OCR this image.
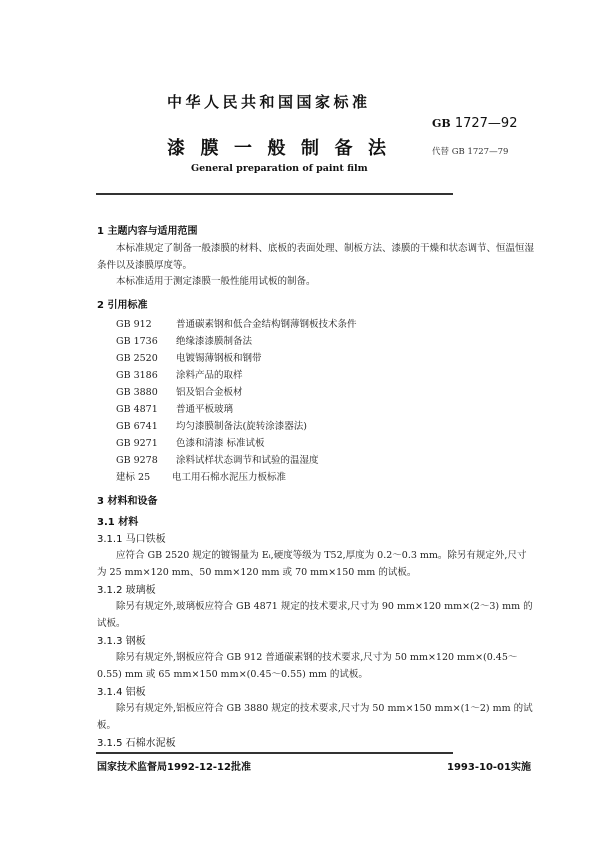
中华人民共和国国家标准
GB 1727—92
漆膜一般制备法	代替 GB 1727—79
General preparation of paint film
1 主题内容与适用范围
本标准规定了制备一般漆膜的材料、底板的表面处理、制板方法、漆膜的干燥和状态调节、恒温恒湿
条件以及漆膜厚度等。
本标准适用于测定漆膜一般性能用试板的制备。
2 引用标准
GB 912	普通碳素钢和低合金结构钢薄钢板技术条件
GB 1736 绝缘漆漆膜制备法
GB 2520 电镀锡薄钢板和钢带
GB 3186 涂料产品的取样
GB 3880 铝及铝合金板材
GB 4871 普通平板玻璃
GB 6741 均匀漆膜制备法(旋转涂漆器法)
GB 9271 色漆和清漆 标准试板
GB 9278 涂料试样状态调节和试验的温湿度
建标 25 电工用石棉水泥压力板标准
3 材料和设备
3.1 材料
3.1.1 马口铁板
应符合 GB 2520 规定的镀锡量为 Eᵢ,硬度等级为 T52,厚度为 0.2～0.3 mm。除另有规定外,尺寸
为 25 mm×120 mm、50 mm×120 mm 或 70 mm×150 mm 的试板。
3.1.2 玻璃板
除另有规定外,玻璃板应符合 GB 4871 规定的技术要求,尺寸为 90 mm×120 mm×(2～3) mm 的
试板。
3.1.3 钢板
除另有规定外,钢板应符合 GB 912 普通碳素钢的技术要求,尺寸为 50 mm×120 mm×(0.45～
0.55) mm 或 65 mm×150 mm×(0.45～0.55) mm 的试板。
3.1.4 铝板
除另有规定外,铝板应符合 GB 3880 规定的技术要求,尺寸为 50 mm×150 mm×(1～2) mm 的试
板。
3.1.5 石棉水泥板
国家技术监督局1992-12-12批准	1993-10-01实施
